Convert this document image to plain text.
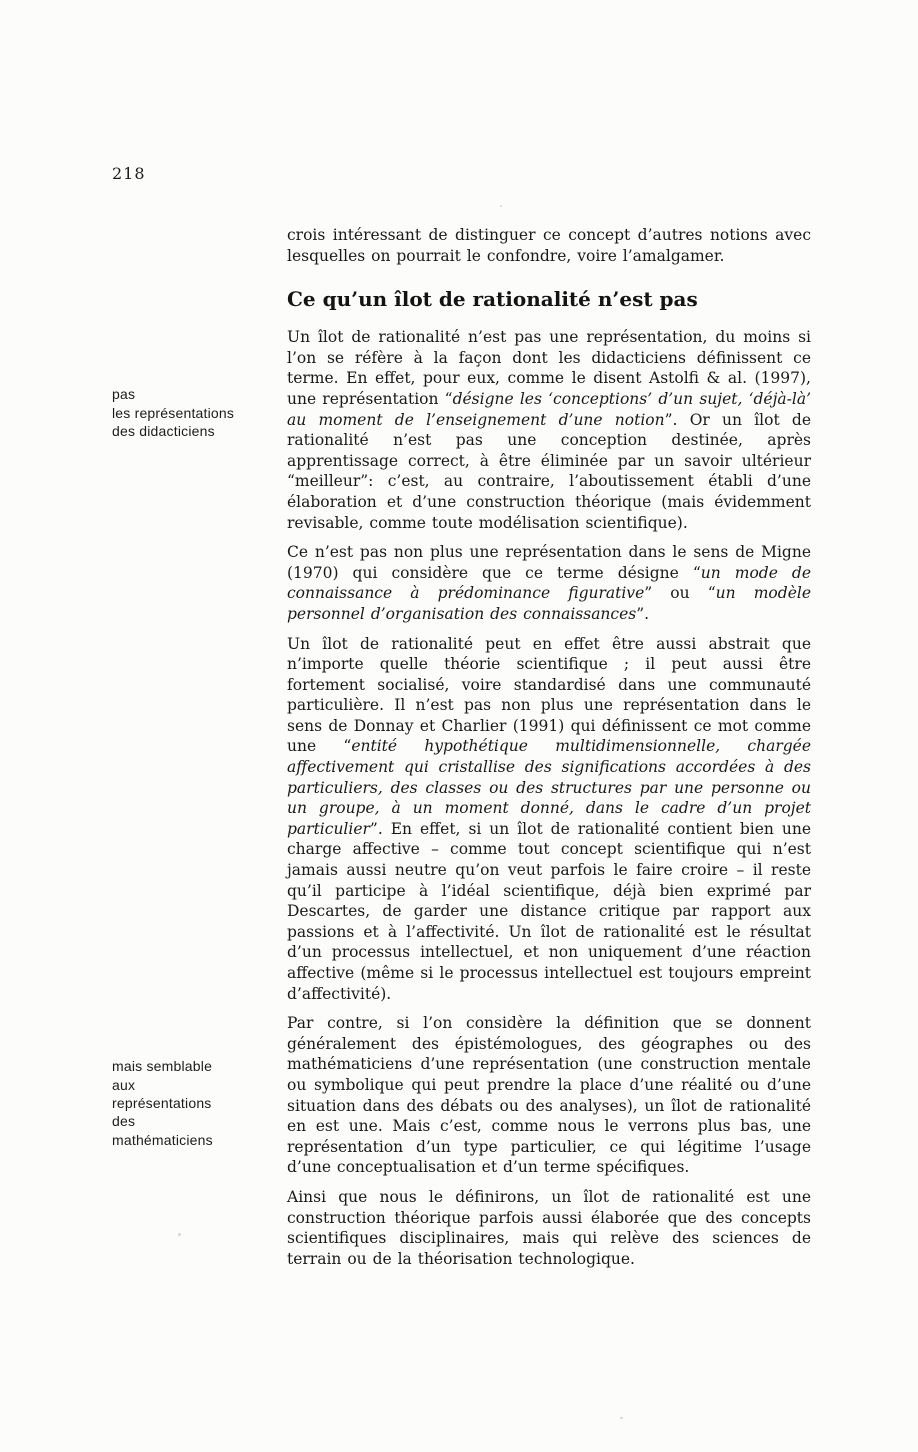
218

crois intéressant de distinguer ce concept d’autres notions avec lesquelles on pourrait le confondre, voire l’amalgamer.

Ce qu’un îlot de rationalité n’est pas

pas
les représentations
des didacticiens

Un îlot de rationalité n’est pas une représentation, du moins si l’on se réfère à la façon dont les didacticiens définissent ce terme. En effet, pour eux, comme le disent Astolfi & al. (1997), une représentation “désigne les ‘conceptions’ d’un sujet, ‘déjà-là’ au moment de l’enseignement d’une notion”. Or un îlot de rationalité n’est pas une conception destinée, après apprentissage correct, à être éliminée par un savoir ultérieur “meilleur”: c’est, au contraire, l’aboutissement établi d’une élaboration et d’une construction théorique (mais évidemment revisable, comme toute modélisation scientifique).

Ce n’est pas non plus une représentation dans le sens de Migne (1970) qui considère que ce terme désigne “un mode de connaissance à prédominance figurative” ou “un modèle personnel d’organisation des connaissances”.

Un îlot de rationalité peut en effet être aussi abstrait que n’importe quelle théorie scientifique ; il peut aussi être fortement socialisé, voire standardisé dans une communauté particulière. Il n’est pas non plus une représentation dans le sens de Donnay et Charlier (1991) qui définissent ce mot comme une “entité hypothétique multidimensionnelle, chargée affectivement qui cristallise des significations accordées à des particuliers, des classes ou des structures par une personne ou un groupe, à un moment donné, dans le cadre d’un projet particulier”. En effet, si un îlot de rationalité contient bien une charge affective – comme tout concept scientifique qui n’est jamais aussi neutre qu’on veut parfois le faire croire – il reste qu’il participe à l’idéal scientifique, déjà bien exprimé par Descartes, de garder une distance critique par rapport aux passions et à l’affectivité. Un îlot de rationalité est le résultat d’un processus intellectuel, et non uniquement d’une réaction affective (même si le processus intellectuel est toujours empreint d’affectivité).

mais semblable
aux
représentations
des
mathématiciens

Par contre, si l’on considère la définition que se donnent généralement des épistémologues, des géographes ou des mathématiciens d’une représentation (une construction mentale ou symbolique qui peut prendre la place d’une réalité ou d’une situation dans des débats ou des analyses), un îlot de rationalité en est une. Mais c’est, comme nous le verrons plus bas, une représentation d’un type particulier, ce qui légitime l’usage d’une conceptualisation et d’un terme spécifiques.

Ainsi que nous le définirons, un îlot de rationalité est une construction théorique parfois aussi élaborée que des concepts scientifiques disciplinaires, mais qui relève des sciences de terrain ou de la théorisation technologique.
